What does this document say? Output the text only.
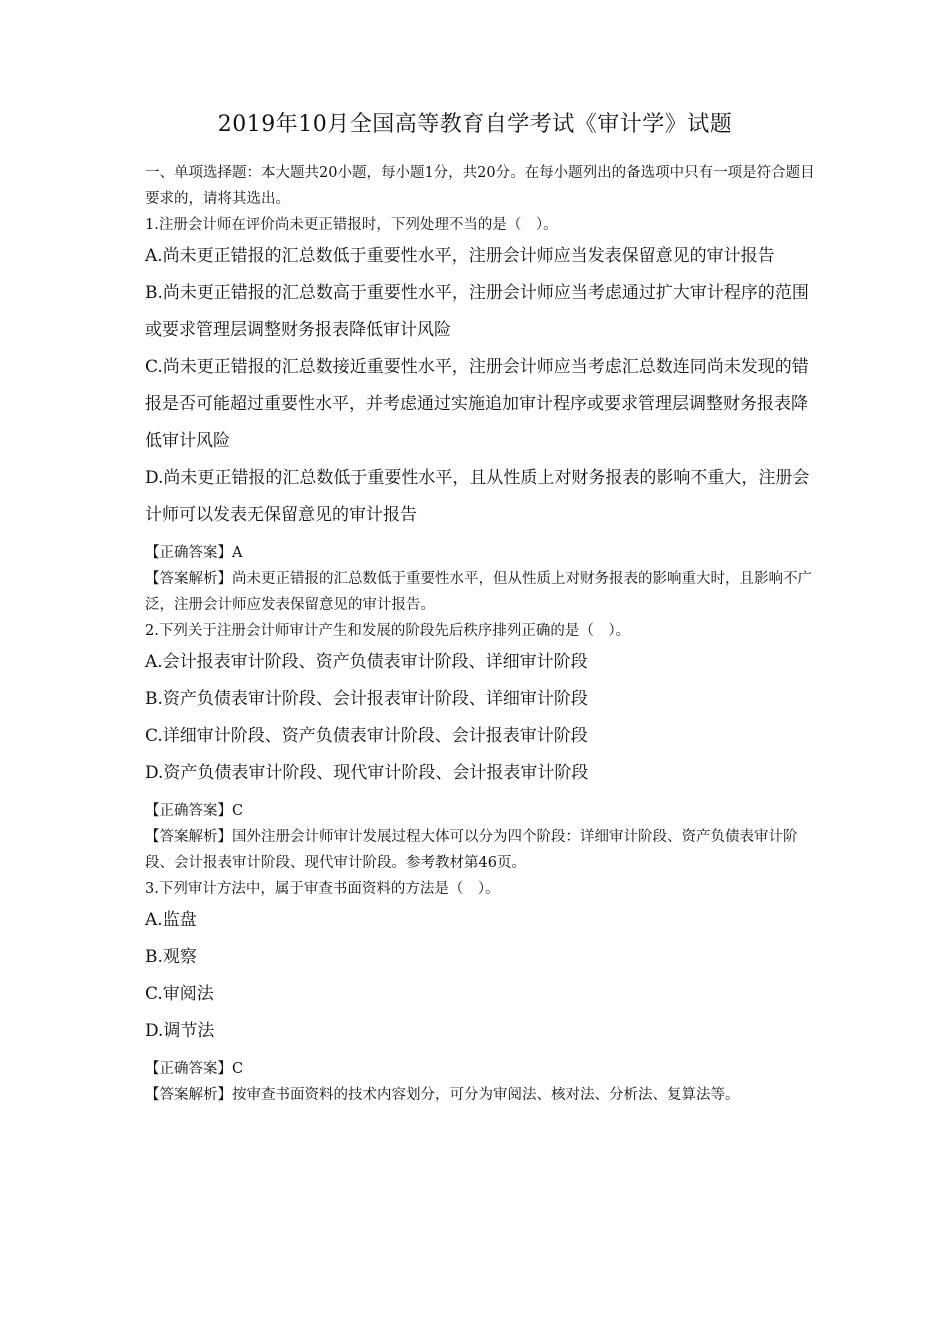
2019年10月全国高等教育自学考试《审计学》试题

一、单项选择题：本大题共20小题，每小题1分，共20分。在每小题列出的备选项中只有一项是符合题目要求的，请将其选出。

1.注册会计师在评价尚未更正错报时，下列处理不当的是（　）。

A.尚未更正错报的汇总数低于重要性水平，注册会计师应当发表保留意见的审计报告

B.尚未更正错报的汇总数高于重要性水平，注册会计师应当考虑通过扩大审计程序的范围或要求管理层调整财务报表降低审计风险

C.尚未更正错报的汇总数接近重要性水平，注册会计师应当考虑汇总数连同尚未发现的错报是否可能超过重要性水平，并考虑通过实施追加审计程序或要求管理层调整财务报表降低审计风险

D.尚未更正错报的汇总数低于重要性水平，且从性质上对财务报表的影响不重大，注册会计师可以发表无保留意见的审计报告

【正确答案】A

【答案解析】尚未更正错报的汇总数低于重要性水平，但从性质上对财务报表的影响重大时，且影响不广泛，注册会计师应发表保留意见的审计报告。

2.下列关于注册会计师审计产生和发展的阶段先后秩序排列正确的是（　）。

A.会计报表审计阶段、资产负债表审计阶段、详细审计阶段

B.资产负债表审计阶段、会计报表审计阶段、详细审计阶段

C.详细审计阶段、资产负债表审计阶段、会计报表审计阶段

D.资产负债表审计阶段、现代审计阶段、会计报表审计阶段

【正确答案】C

【答案解析】国外注册会计师审计发展过程大体可以分为四个阶段：详细审计阶段、资产负债表审计阶段、会计报表审计阶段、现代审计阶段。参考教材第46页。

3.下列审计方法中，属于审查书面资料的方法是（　）。

A.监盘

B.观察

C.审阅法

D.调节法

【正确答案】C

【答案解析】按审查书面资料的技术内容划分，可分为审阅法、核对法、分析法、复算法等。
